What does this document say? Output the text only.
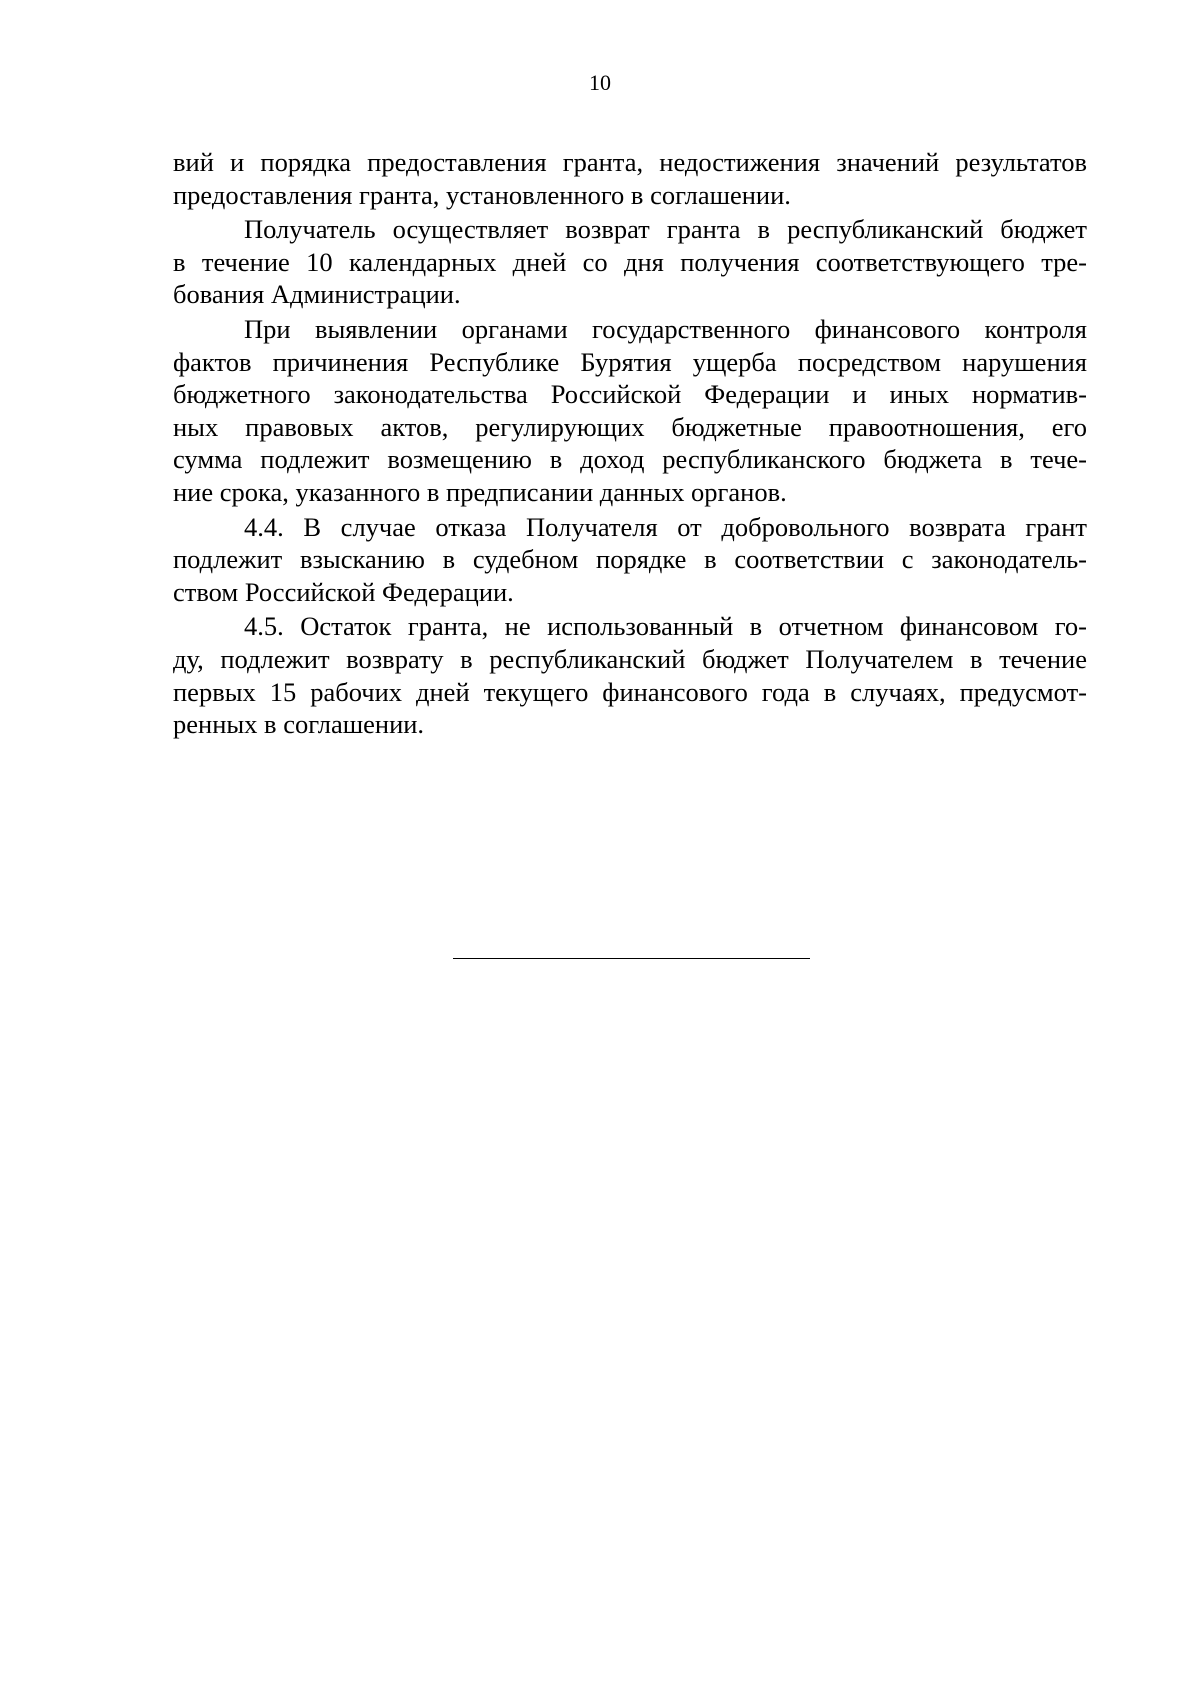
10

вий и порядка предоставления гранта, недостижения значений результатов
предоставления гранта, установленного в соглашении.

Получатель осуществляет возврат гранта в республиканский бюджет
в течение 10 календарных дней со дня получения соответствующего тре-
бования Администрации.

При выявлении органами государственного финансового контроля
фактов причинения Республике Бурятия ущерба посредством нарушения
бюджетного законодательства Российской Федерации и иных норматив-
ных правовых актов, регулирующих бюджетные правоотношения, его
сумма подлежит возмещению в доход республиканского бюджета в тече-
ние срока, указанного в предписании данных органов.

4.4. В случае отказа Получателя от добровольного возврата грант
подлежит взысканию в судебном порядке в соответствии с законодатель-
ством Российской Федерации.

4.5. Остаток гранта, не использованный в отчетном финансовом го-
ду, подлежит возврату в республиканский бюджет Получателем в течение
первых 15 рабочих дней текущего финансового года в случаях, предусмот-
ренных в соглашении.
